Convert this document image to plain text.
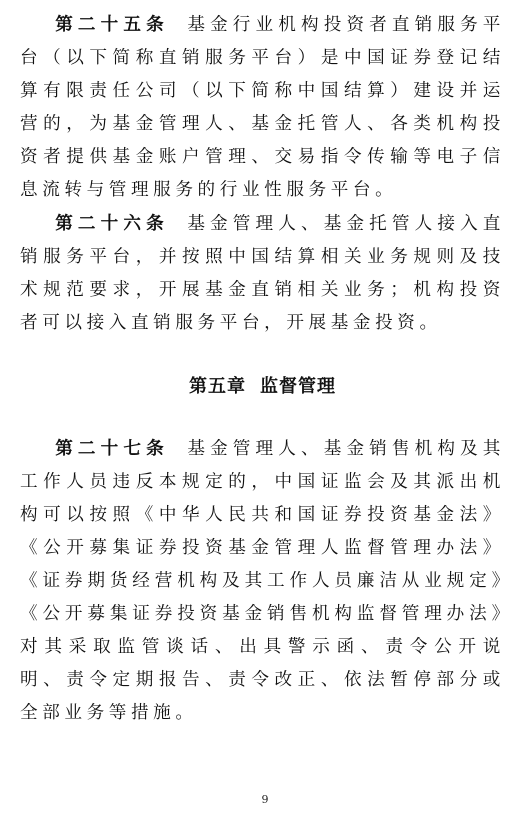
第二十五条 基金行业机构投资者直销服务平台（以下简称直销服务平台）是中国证券登记结算有限责任公司（以下简称中国结算）建设并运营的，为基金管理人、基金托管人、各类机构投资者提供基金账户管理、交易指令传输等电子信息流转与管理服务的行业性服务平台。

第二十六条 基金管理人、基金托管人接入直销服务平台，并按照中国结算相关业务规则及技术规范要求，开展基金直销相关业务；机构投资者可以接入直销服务平台，开展基金投资。

第五章 监督管理

第二十七条 基金管理人、基金销售机构及其工作人员违反本规定的，中国证监会及其派出机构可以按照《中华人民共和国证券投资基金法》《公开募集证券投资基金管理人监督管理办法》《证券期货经营机构及其工作人员廉洁从业规定》《公开募集证券投资基金销售机构监督管理办法》对其采取监管谈话、出具警示函、责令公开说明、责令定期报告、责令改正、依法暂停部分或全部业务等措施。

9
